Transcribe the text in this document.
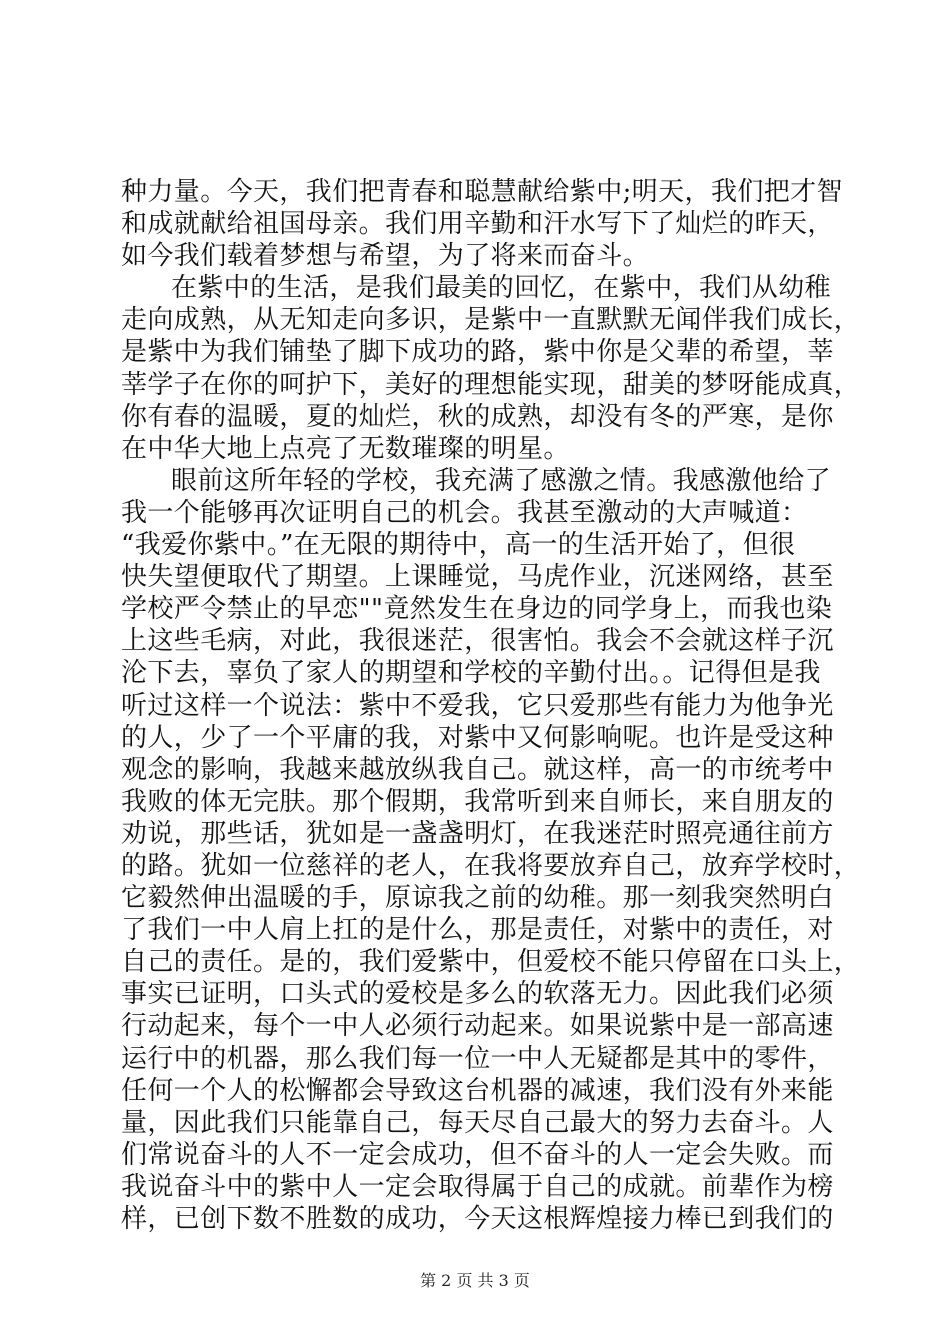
种力量。今天，我们把青春和聪慧献给紫中;明天，我们把才智
和成就献给祖国母亲。我们用辛勤和汗水写下了灿烂的昨天，
如今我们载着梦想与希望，为了将来而奋斗。
在紫中的生活，是我们最美的回忆，在紫中，我们从幼稚
走向成熟，从无知走向多识，是紫中一直默默无闻伴我们成长，
是紫中为我们铺垫了脚下成功的路，紫中你是父辈的希望，莘
莘学子在你的呵护下，美好的理想能实现，甜美的梦呀能成真，
你有春的温暖，夏的灿烂，秋的成熟，却没有冬的严寒，是你
在中华大地上点亮了无数璀璨的明星。
眼前这所年轻的学校，我充满了感激之情。我感激他给了
我一个能够再次证明自己的机会。我甚至激动的大声喊道：
“我爱你紫中。”在无限的期待中，高一的生活开始了，但很
快失望便取代了期望。上课睡觉，马虎作业，沉迷网络，甚至
学校严令禁止的早恋""竟然发生在身边的同学身上，而我也染
上这些毛病，对此，我很迷茫，很害怕。我会不会就这样子沉
沦下去，辜负了家人的期望和学校的辛勤付出。。记得但是我
听过这样一个说法：紫中不爱我，它只爱那些有能力为他争光
的人，少了一个平庸的我，对紫中又何影响呢。也许是受这种
观念的影响，我越来越放纵我自己。就这样，高一的市统考中
我败的体无完肤。那个假期，我常听到来自师长，来自朋友的
劝说，那些话，犹如是一盏盏明灯，在我迷茫时照亮通往前方
的路。犹如一位慈祥的老人，在我将要放弃自己，放弃学校时，
它毅然伸出温暖的手，原谅我之前的幼稚。那一刻我突然明白
了我们一中人肩上扛的是什么，那是责任，对紫中的责任，对
自己的责任。是的，我们爱紫中，但爱校不能只停留在口头上，
事实已证明，口头式的爱校是多么的软落无力。因此我们必须
行动起来，每个一中人必须行动起来。如果说紫中是一部高速
运行中的机器，那么我们每一位一中人无疑都是其中的零件，
任何一个人的松懈都会导致这台机器的减速，我们没有外来能
量，因此我们只能靠自己，每天尽自己最大的努力去奋斗。人
们常说奋斗的人不一定会成功，但不奋斗的人一定会失败。而
我说奋斗中的紫中人一定会取得属于自己的成就。前辈作为榜
样，已创下数不胜数的成功，今天这根辉煌接力棒已到我们的
第 2 页 共 3 页
